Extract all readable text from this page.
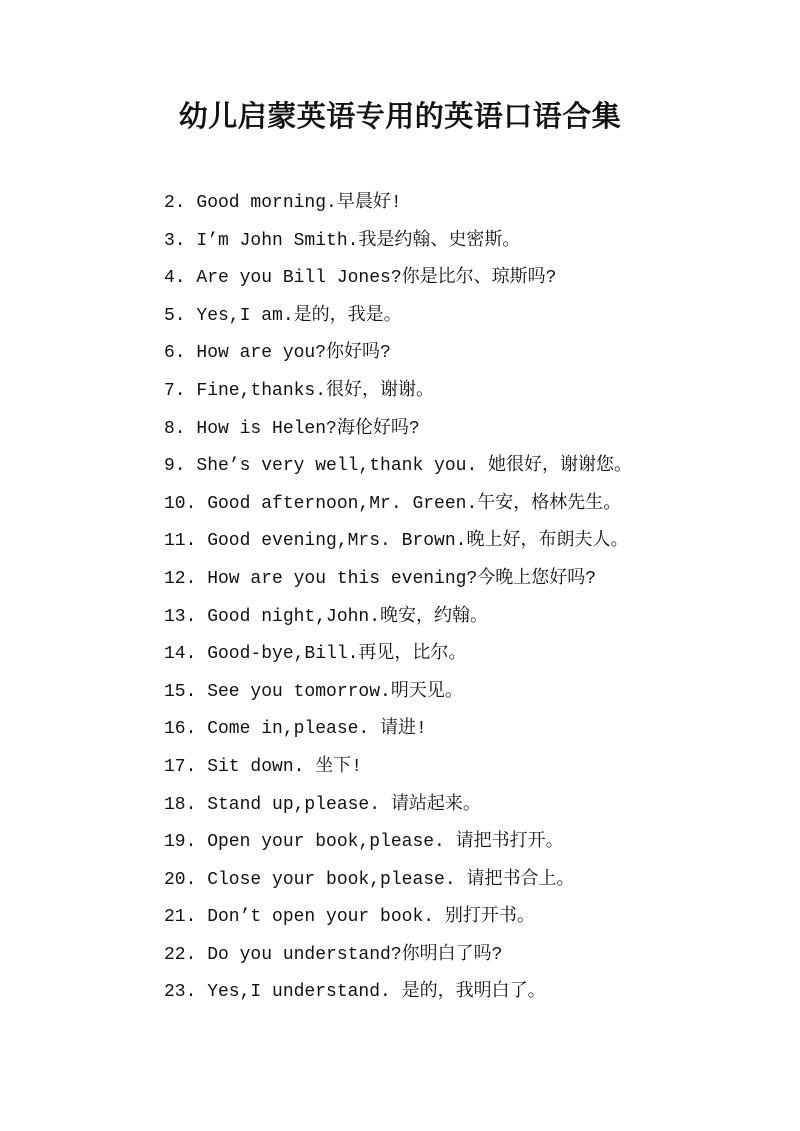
幼儿启蒙英语专用的英语口语合集
2. Good morning.早晨好!
3. I’m John Smith.我是约翰、史密斯。
4. Are you Bill Jones?你是比尔、琼斯吗?
5. Yes,I am.是的，我是。
6. How are you?你好吗?
7. Fine,thanks.很好，谢谢。
8. How is Helen?海伦好吗?
9. She’s very well,thank you. 她很好，谢谢您。
10. Good afternoon,Mr. Green.午安，格林先生。
11. Good evening,Mrs. Brown.晚上好，布朗夫人。
12. How are you this evening?今晚上您好吗?
13. Good night,John.晚安，约翰。
14. Good-bye,Bill.再见，比尔。
15. See you tomorrow.明天见。
16. Come in,please. 请进!
17. Sit down. 坐下!
18. Stand up,please. 请站起来。
19. Open your book,please. 请把书打开。
20. Close your book,please. 请把书合上。
21. Don’t open your book. 别打开书。
22. Do you understand?你明白了吗?
23. Yes,I understand. 是的，我明白了。
